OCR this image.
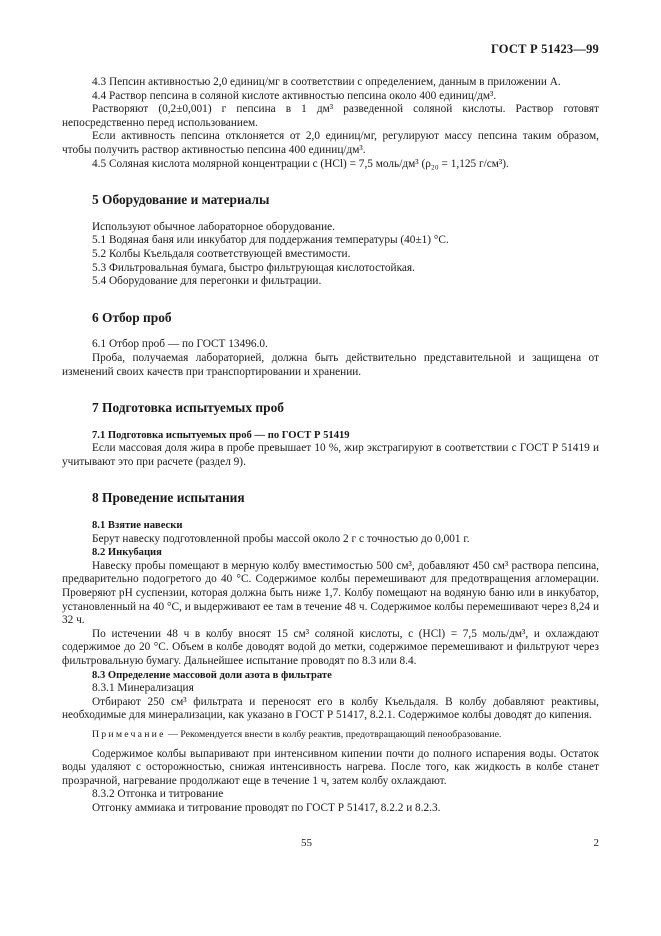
ГОСТ Р 51423—99

4.3 Пепсин активностью 2,0 единиц/мг в соответствии с определением, данным в приложении А.

4.4 Раствор пепсина в соляной кислоте активностью пепсина около 400 единиц/дм³.

Растворяют (0,2±0,001) г пепсина в 1 дм³ разведенной соляной кислоты. Раствор готовят непосредственно перед использованием.

Если активность пепсина отклоняется от 2,0 единиц/мг, регулируют массу пепсина таким образом, чтобы получить раствор активностью пепсина 400 единиц/дм³.

4.5 Соляная кислота молярной концентрации c (HCl) = 7,5 моль/дм³ (ρ₂₀ = 1,125 г/см³).

5 Оборудование и материалы

Используют обычное лабораторное оборудование.

5.1 Водяная баня или инкубатор для поддержания температуры (40±1) °С.

5.2 Колбы Къельдаля соответствующей вместимости.

5.3 Фильтровальная бумага, быстро фильтрующая кислотостойкая.

5.4 Оборудование для перегонки и фильтрации.

6 Отбор проб

6.1 Отбор проб — по ГОСТ 13496.0.

Проба, получаемая лабораторией, должна быть действительно представительной и защищена от изменений своих качеств при транспортировании и хранении.

7 Подготовка испытуемых проб
7.1 Подготовка испытуемых проб — по ГОСТ Р 51419

Если массовая доля жира в пробе превышает 10 %, жир экстрагируют в соответствии с ГОСТ Р 51419 и учитывают это при расчете (раздел 9).

8 Проведение испытания
8.1 Взятие навески

Берут навеску подготовленной пробы массой около 2 г с точностью до 0,001 г.

8.2 Инкубация

Навеску пробы помещают в мерную колбу вместимостью 500 см³, добавляют 450 см³ раствора пепсина, предварительно подогретого до 40 °С. Содержимое колбы перемешивают для предотвращения агломерации. Проверяют рН суспензии, которая должна быть ниже 1,7. Колбу помещают на водяную баню или в инкубатор, установленный на 40 °С, и выдерживают ее там в течение 48 ч. Содержимое колбы перемешивают через 8,24 и 32 ч.

По истечении 48 ч в колбу вносят 15 см³ соляной кислоты, c (HCl) = 7,5 моль/дм³, и охлаждают содержимое до 20 °С. Объем в колбе доводят водой до метки, содержимое перемешивают и фильтруют через фильтровальную бумагу. Дальнейшее испытание проводят по 8.3 или 8.4.

8.3 Определение массовой доли азота в фильтрате

8.3.1 Минерализация

Отбирают 250 см³ фильтрата и переносят его в колбу Къельдаля. В колбу добавляют реактивы, необходимые для минерализации, как указано в ГОСТ Р 51417, 8.2.1. Содержимое колбы доводят до кипения.

Примечание — Рекомендуется внести в колбу реактив, предотвращающий пенообразование.

Содержимое колбы выпаривают при интенсивном кипении почти до полного испарения воды. Остаток воды удаляют с осторожностью, снижая интенсивность нагрева. После того, как жидкость в колбе станет прозрачной, нагревание продолжают еще в течение 1 ч, затем колбу охлаждают.

8.3.2 Отгонка и титрование

Отгонку аммиака и титрование проводят по ГОСТ Р 51417, 8.2.2 и 8.2.3.

55	2
